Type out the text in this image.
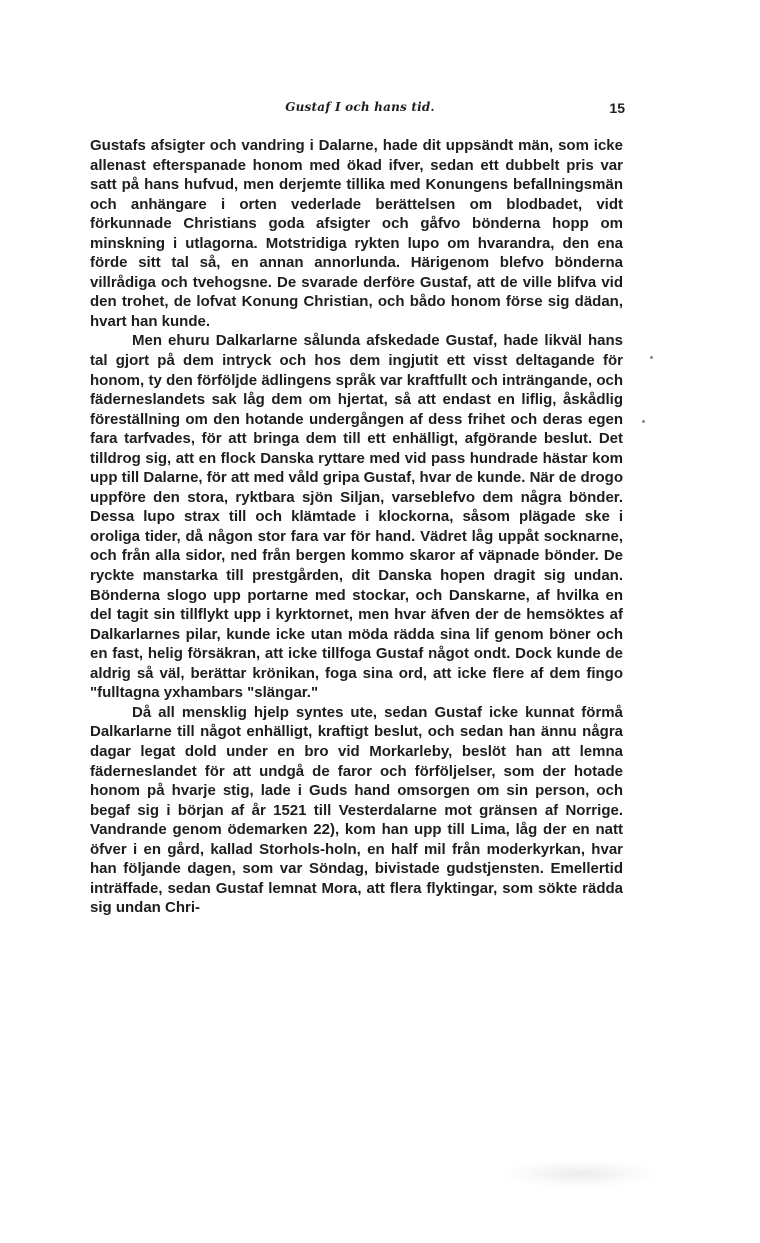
Gustaf I och hans tid.	15

Gustafs afsigter och vandring i Dalarne, hade dit uppsändt män, som icke allenast efterspanade honom med ökad ifver, sedan ett dubbelt pris var satt på hans hufvud, men derjemte tillika med Konungens befallningsmän och anhängare i orten vederlade berättelsen om blodbadet, vidt förkunnade Christians goda afsigter och gåfvo bönderna hopp om minskning i utlagorna. Motstridiga rykten lupo om hvarandra, den ena förde sitt tal så, en annan annorlunda. Härigenom blefvo bönderna villrådiga och tvehogsne. De svarade derföre Gustaf, att de ville blifva vid den trohet, de lofvat Konung Christian, och bådo honom förse sig dädan, hvart han kunde.

Men ehuru Dalkarlarne sålunda afskedade Gustaf, hade likväl hans tal gjort på dem intryck och hos dem ingjutit ett visst deltagande för honom, ty den förföljde ädlingens språk var kraftfullt och inträngande, och fäderneslandets sak låg dem om hjertat, så att endast en liflig, åskådlig föreställning om den hotande undergången af dess frihet och deras egen fara tarfvades, för att bringa dem till ett enhälligt, afgörande beslut. Det tilldrog sig, att en flock Danska ryttare med vid pass hundrade hästar kom upp till Dalarne, för att med våld gripa Gustaf, hvar de kunde. När de drogo uppföre den stora, ryktbara sjön Siljan, varseblefvo dem några bönder. Dessa lupo strax till och klämtade i klockorna, såsom plägade ske i oroliga tider, då någon stor fara var för hand. Vädret låg uppåt socknarne, och från alla sidor, ned från bergen kommo skaror af väpnade bönder. De ryckte manstarka till prestgården, dit Danska hopen dragit sig undan. Bönderna slogo upp portarne med stockar, och Danskarne, af hvilka en del tagit sin tillflykt upp i kyrktornet, men hvar äfven der de hemsöktes af Dalkarlarnes pilar, kunde icke utan möda rädda sina lif genom böner och en fast, helig försäkran, att icke tillfoga Gustaf något ondt. Dock kunde de aldrig så väl, berättar krönikan, foga sina ord, att icke flere af dem fingo "fulltagna yxhambars "slängar."

Då all mensklig hjelp syntes ute, sedan Gustaf icke kunnat förmå Dalkarlarne till något enhälligt, kraftigt beslut, och sedan han ännu några dagar legat dold under en bro vid Morkarleby, beslöt han att lemna fäderneslandet för att undgå de faror och förföljelser, som der hotade honom på hvarje stig, lade i Guds hand omsorgen om sin person, och begaf sig i början af år 1521 till Vesterdalarne mot gränsen af Norrige. Vandrande genom ödemarken 22), kom han upp till Lima, låg der en natt öfver i en gård, kallad Storhols-holn, en half mil från moderkyrkan, hvar han följande dagen, som var Söndag, bivistade gudstjensten. Emellertid inträffade, sedan Gustaf lemnat Mora, att flera flyktingar, som sökte rädda sig undan Chri-
